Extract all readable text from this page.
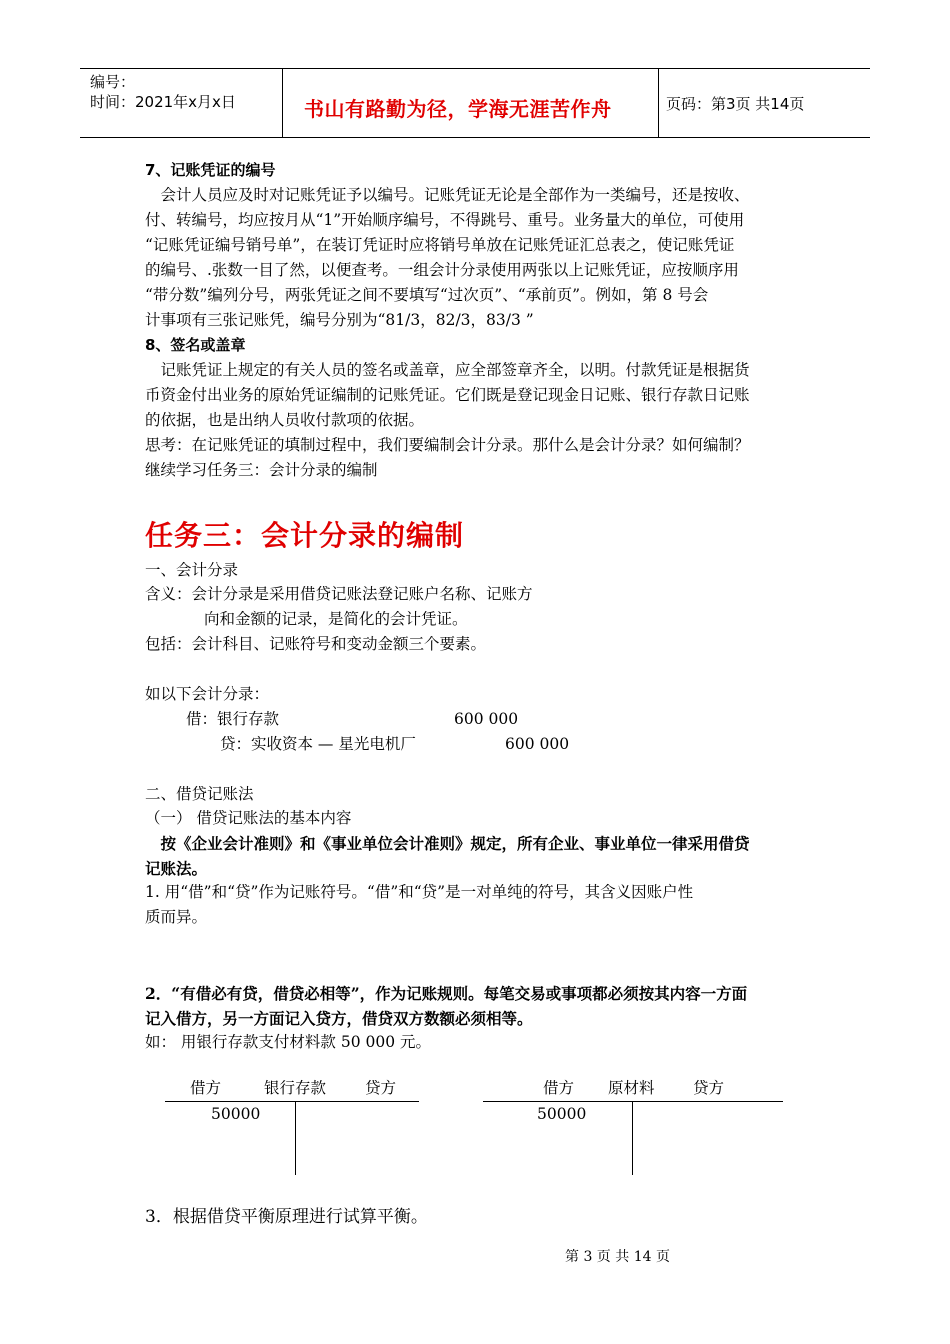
编号：
时间：2021年x月x日	书山有路勤为径，学海无涯苦作舟	页码：第3页 共14页
7、记账凭证的编号
　会计人员应及时对记账凭证予以编号。记账凭证无论是全部作为一类编号，还是按收、
付、转编号，均应按月从“1”开始顺序编号，不得跳号、重号。业务量大的单位，可使用
“记账凭证编号销号单”，在装订凭证时应将销号单放在记账凭证汇总表之，使记账凭证
的编号、.张数一目了然，以便查考。一组会计分录使用两张以上记账凭证，应按顺序用
“带分数”编列分号，两张凭证之间不要填写“过次页”、“承前页”。例如，第 8 号会
计事项有三张记账凭，编号分别为“81/3，82/3，83/3 ”
8、签名或盖章
　记账凭证上规定的有关人员的签名或盖章，应全部签章齐全，以明。付款凭证是根据货
币资金付出业务的原始凭证编制的记账凭证。它们既是登记现金日记账、银行存款日记账
的依据，也是出纳人员收付款项的依据。
思考：在记账凭证的填制过程中，我们要编制会计分录。那什么是会计分录？如何编制？
继续学习任务三：会计分录的编制
任务三：会计分录的编制
一、会计分录
含义：会计分录是采用借贷记账法登记账户名称、记账方
向和金额的记录，是简化的会计凭证。
包括：会计科目、记账符号和变动金额三个要素。
如以下会计分录：
借：银行存款	600 000
贷：实收资本 — 星光电机厂	600 000
二、借贷记账法
（一） 借贷记账法的基本内容
　按《企业会计准则》和《事业单位会计准则》规定，所有企业、事业单位一律采用借贷
记账法。
1. 用“借”和“贷”作为记账符号。“借”和“贷”是一对单纯的符号，其含义因账户性
质而异。
2．“有借必有贷，借贷必相等”，作为记账规则。每笔交易或事项都必须按其内容一方面
记入借方，另一方面记入贷方，借贷双方数额必须相等。
如： 用银行存款支付材料款 50 000 元。
借方	银行存款	贷方
50000
借方 原材料 贷方
50000
3．根据借贷平衡原理进行试算平衡。
第 3 页 共 14 页
